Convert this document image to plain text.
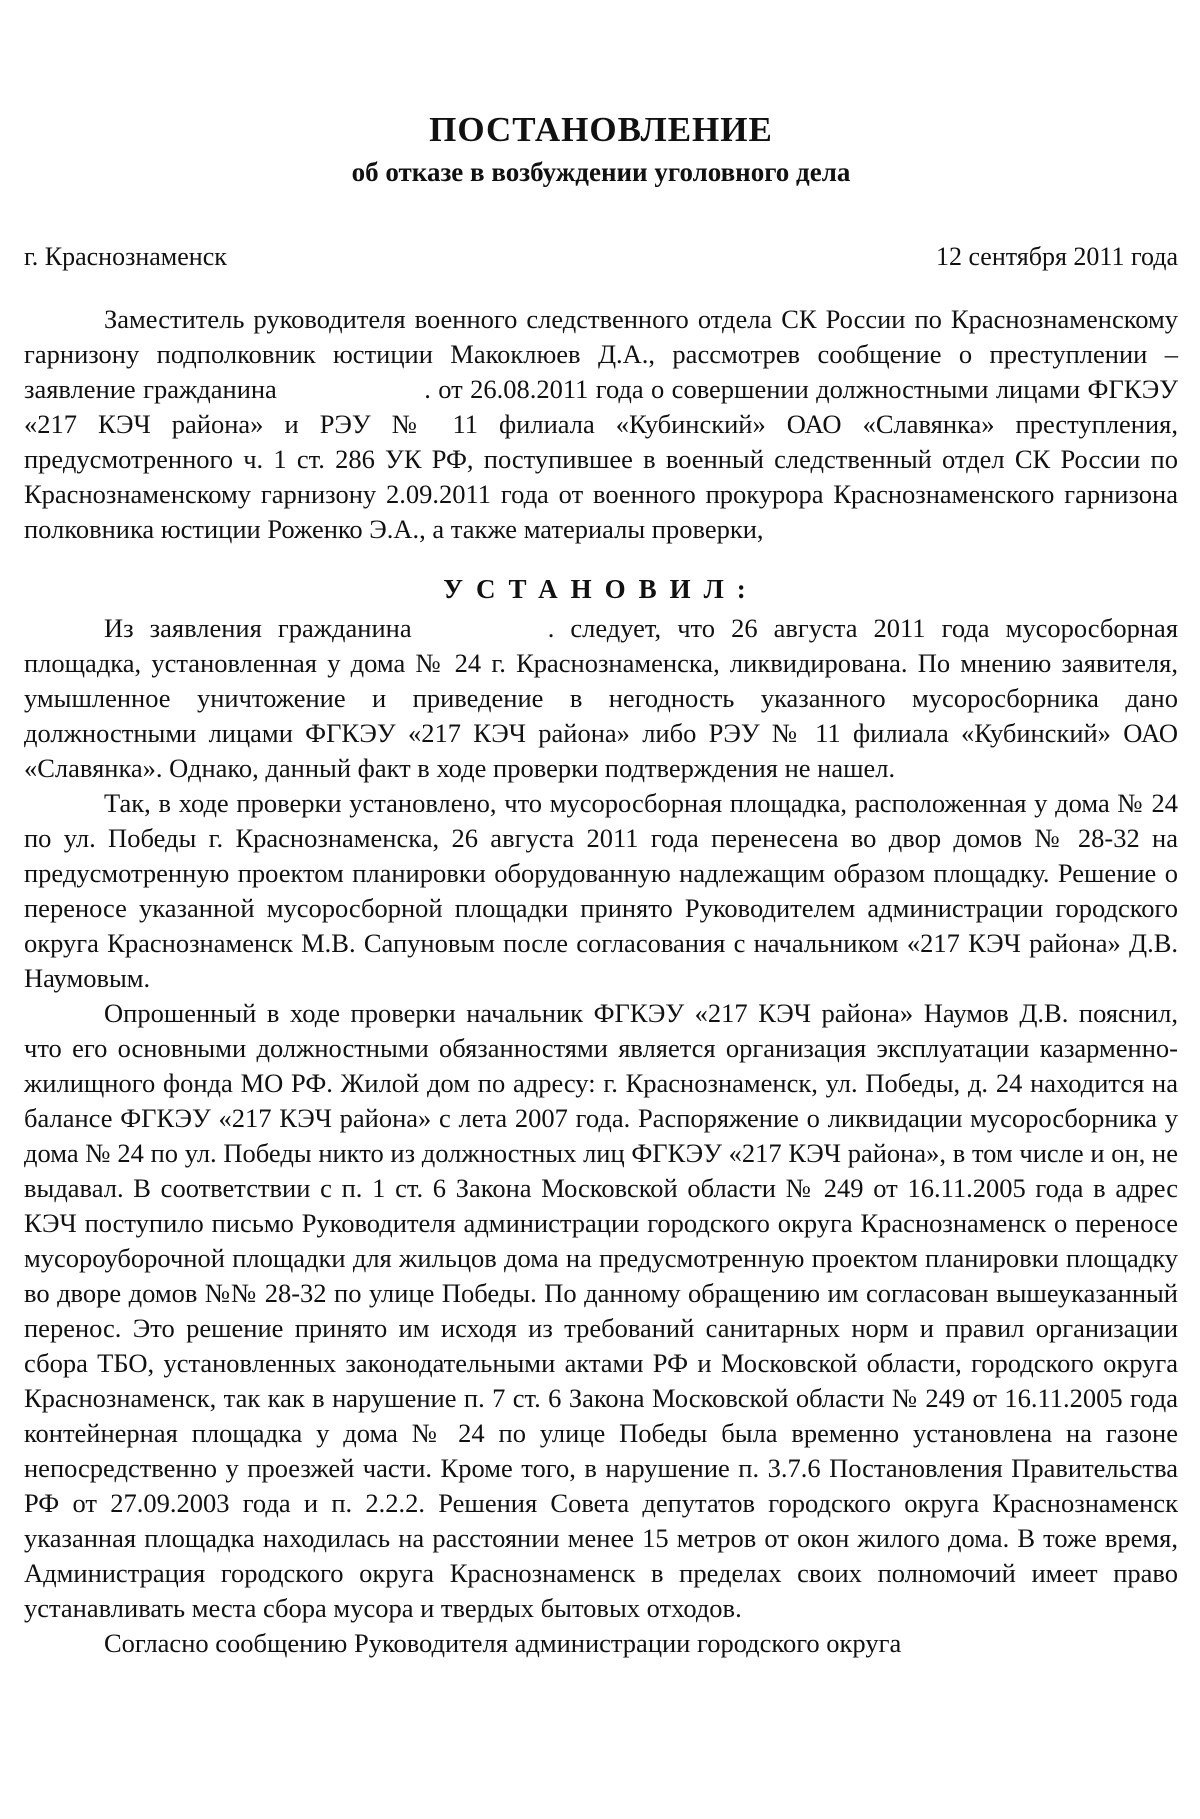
ПОСТАНОВЛЕНИЕ
об отказе в возбуждении уголовного дела
г. Краснознаменск	12 сентября 2011 года

Заместитель руководителя военного следственного отдела СК России по Краснознаменскому гарнизону подполковник юстиции Макоклюев Д.А., рассмотрев сообщение о преступлении – заявление гражданина	. от 26.08.2011 года о совершении должностными лицами ФГКЭУ «217 КЭЧ района» и РЭУ № 11 филиала «Кубинский» ОАО «Славянка» преступления, предусмотренного ч. 1 ст. 286 УК РФ, поступившее в военный следственный отдел СК России по Краснознаменскому гарнизону 2.09.2011 года от военного прокурора Краснознаменского гарнизона полковника юстиции Роженко Э.А., а также материалы проверки,

УСТАНОВИЛ:

Из заявления гражданина	. следует, что 26 августа 2011 года мусоросборная площадка, установленная у дома № 24 г. Краснознаменска, ликвидирована. По мнению заявителя, умышленное уничтожение и приведение в негодность указанного мусоросборника дано должностными лицами ФГКЭУ «217 КЭЧ района» либо РЭУ № 11 филиала «Кубинский» ОАО «Славянка». Однако, данный факт в ходе проверки подтверждения не нашел.

Так, в ходе проверки установлено, что мусоросборная площадка, расположенная у дома № 24 по ул. Победы г. Краснознаменска, 26 августа 2011 года перенесена во двор домов № 28-32 на предусмотренную проектом планировки оборудованную надлежащим образом площадку. Решение о переносе указанной мусоросборной площадки принято Руководителем администрации городского округа Краснознаменск М.В. Сапуновым после согласования с начальником «217 КЭЧ района» Д.В. Наумовым.

Опрошенный в ходе проверки начальник ФГКЭУ «217 КЭЧ района» Наумов Д.В. пояснил, что его основными должностными обязанностями является организация эксплуатации казарменно-жилищного фонда МО РФ. Жилой дом по адресу: г. Краснознаменск, ул. Победы, д. 24 находится на балансе ФГКЭУ «217 КЭЧ района» с лета 2007 года. Распоряжение о ликвидации мусоросборника у дома № 24 по ул. Победы никто из должностных лиц ФГКЭУ «217 КЭЧ района», в том числе и он, не выдавал. В соответствии с п. 1 ст. 6 Закона Московской области № 249 от 16.11.2005 года в адрес КЭЧ поступило письмо Руководителя администрации городского округа Краснознаменск о переносе мусороуборочной площадки для жильцов дома на предусмотренную проектом планировки площадку во дворе домов №№ 28-32 по улице Победы. По данному обращению им согласован вышеуказанный перенос. Это решение принято им исходя из требований санитарных норм и правил организации сбора ТБО, установленных законодательными актами РФ и Московской области, городского округа Краснознаменск, так как в нарушение п. 7 ст. 6 Закона Московской области № 249 от 16.11.2005 года контейнерная площадка у дома № 24 по улице Победы была временно установлена на газоне непосредственно у проезжей части. Кроме того, в нарушение п. 3.7.6 Постановления Правительства РФ от 27.09.2003 года и п. 2.2.2. Решения Совета депутатов городского округа Краснознаменск указанная площадка находилась на расстоянии менее 15 метров от окон жилого дома. В тоже время, Администрация городского округа Краснознаменск в пределах своих полномочий имеет право устанавливать места сбора мусора и твердых бытовых отходов.

Согласно сообщению Руководителя администрации городского округа
